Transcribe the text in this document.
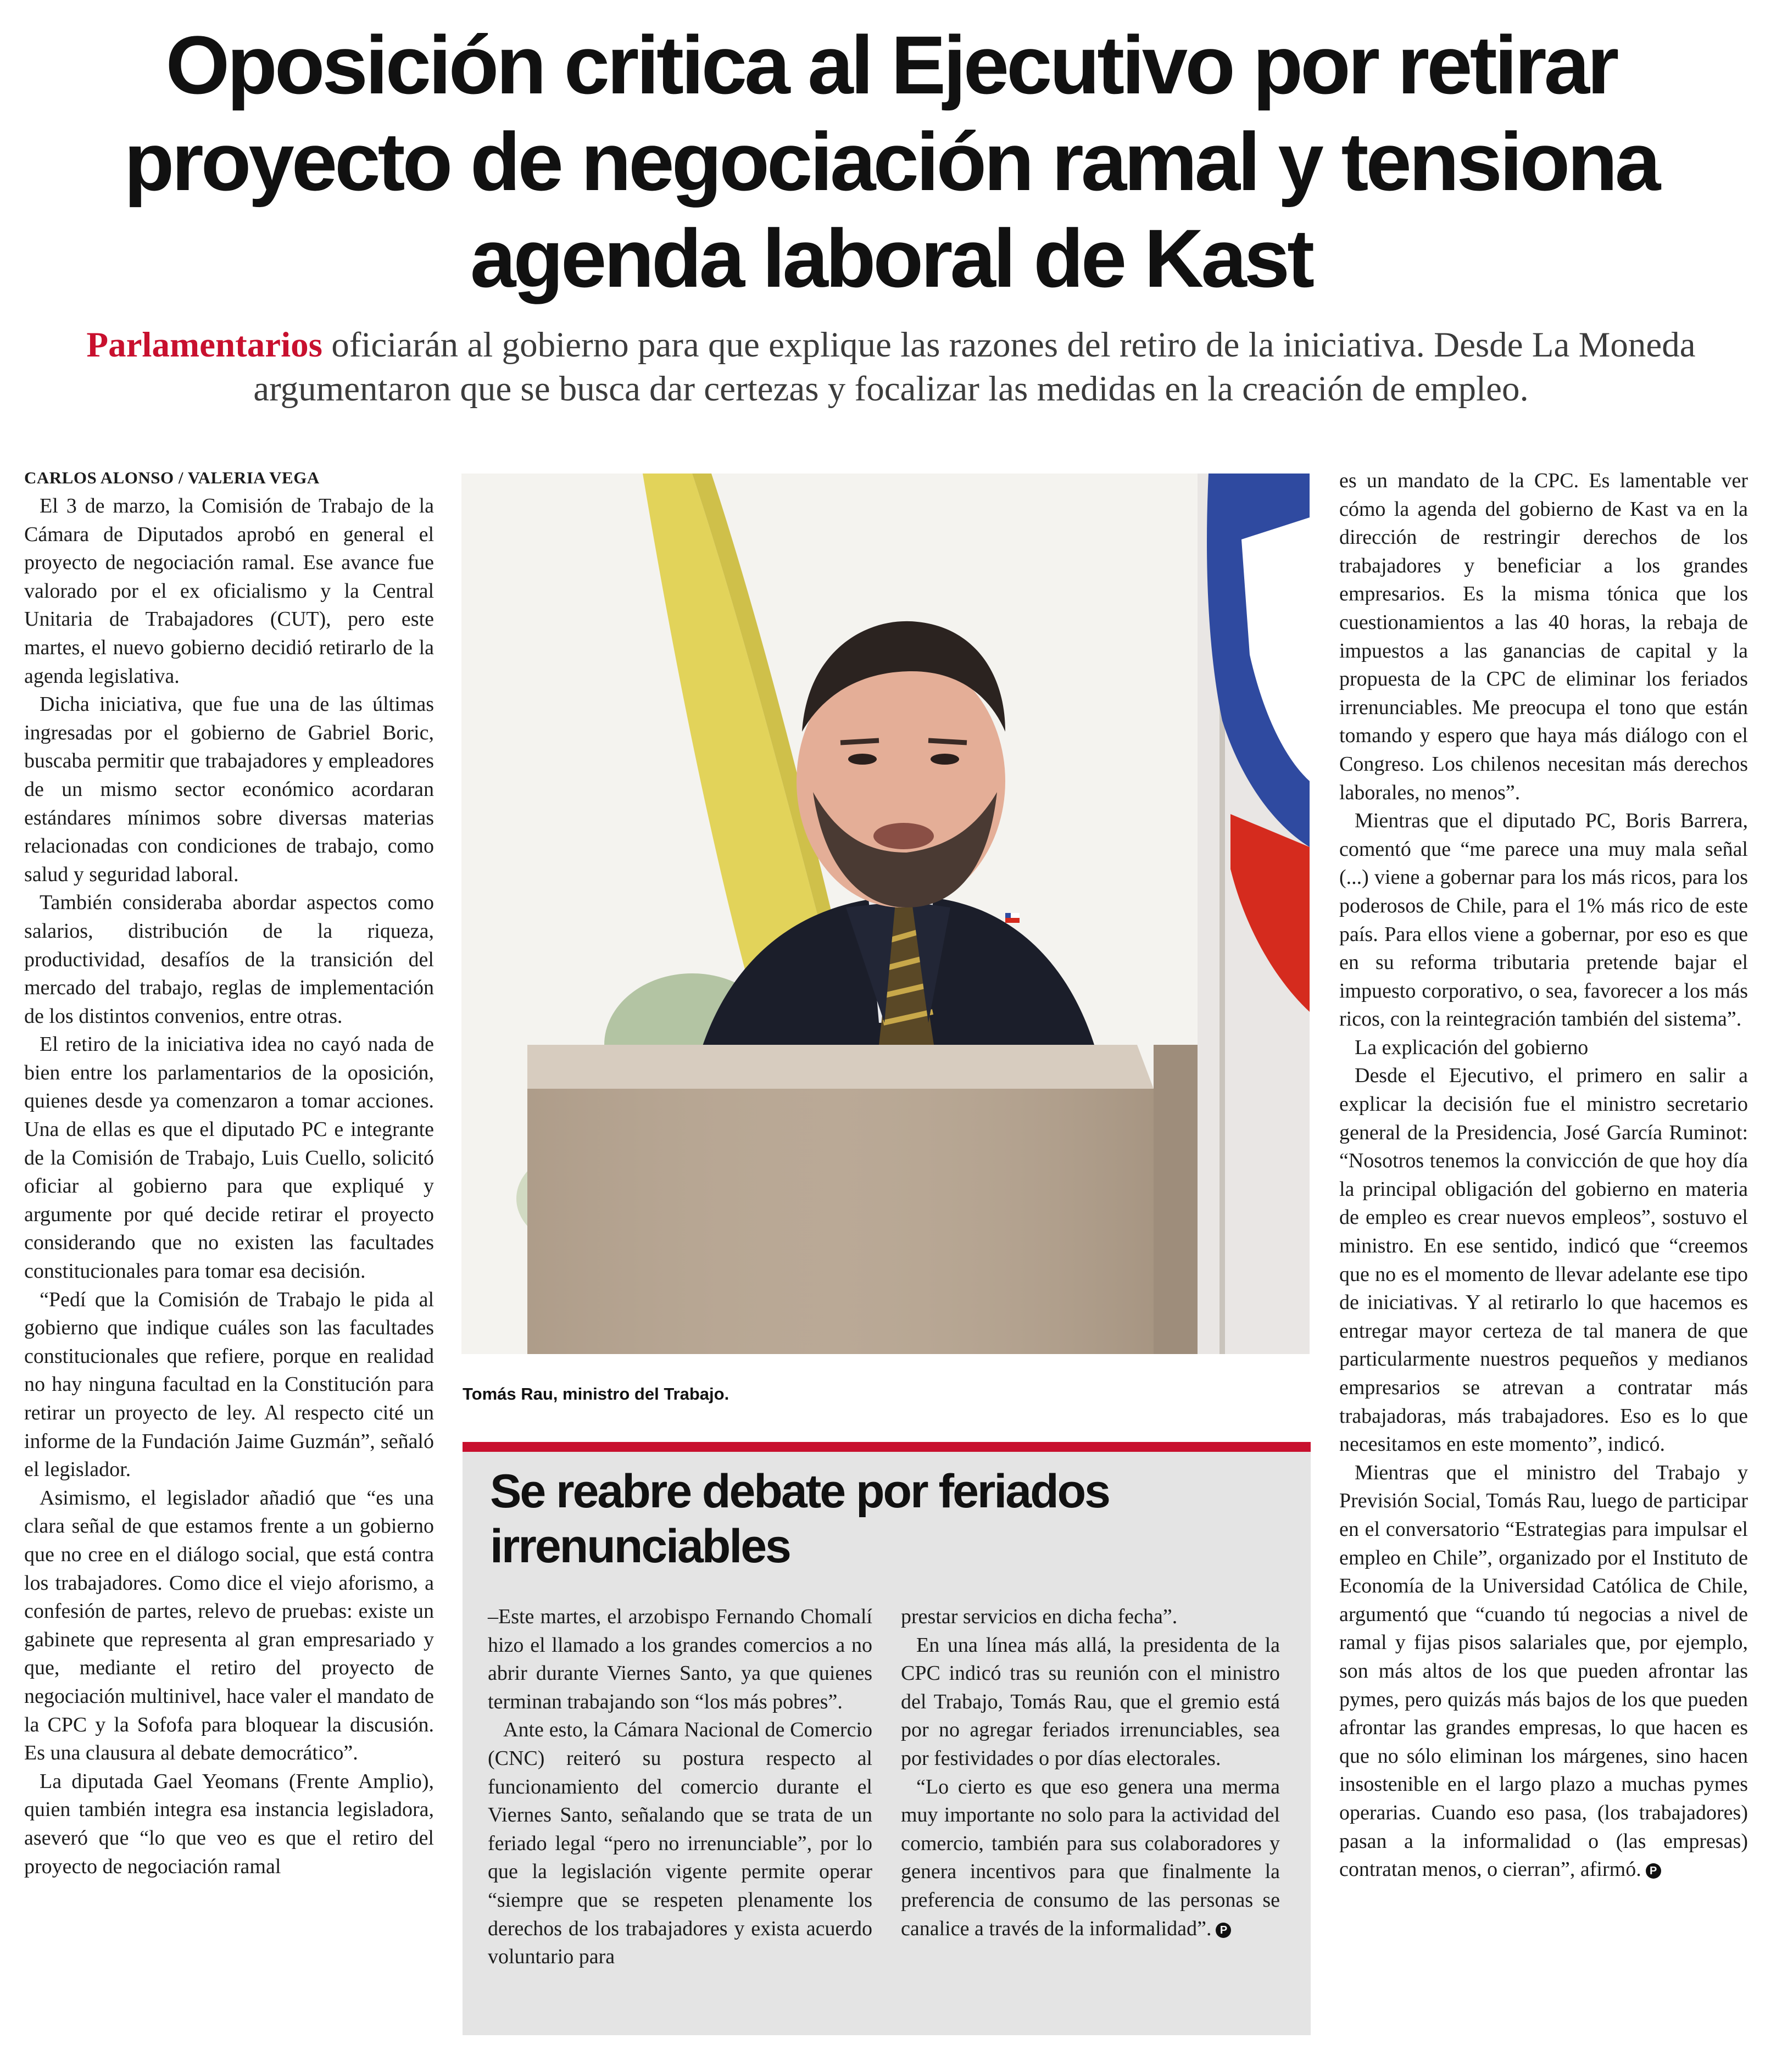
Oposición critica al Ejecutivo por retirar proyecto de negociación ramal y tensiona agenda laboral de Kast

Parlamentarios oficiarán al gobierno para que explique las razones del retiro de la iniciativa. Desde La Moneda argumentaron que se busca dar certezas y focalizar las medidas en la creación de empleo.

CARLOS ALONSO / VALERIA VEGA

El 3 de marzo, la Comisión de Trabajo de la Cámara de Diputados aprobó en general el proyecto de negociación ramal. Ese avance fue valorado por el ex oficialismo y la Central Unitaria de Trabajadores (CUT), pero este martes, el nuevo gobierno decidió retirarlo de la agenda legislativa.

Dicha iniciativa, que fue una de las últimas ingresadas por el gobierno de Gabriel Boric, buscaba permitir que trabajadores y empleadores de un mismo sector económico acordaran estándares mínimos sobre diversas materias relacionadas con condiciones de trabajo, como salud y seguridad laboral.

También consideraba abordar aspectos como salarios, distribución de la riqueza, productividad, desafíos de la transición del mercado del trabajo, reglas de implementación de los distintos convenios, entre otras.

El retiro de la iniciativa idea no cayó nada de bien entre los parlamentarios de la oposición, quienes desde ya comenzaron a tomar acciones. Una de ellas es que el diputado PC e integrante de la Comisión de Trabajo, Luis Cuello, solicitó oficiar al gobierno para que expliqué y argumente por qué decide retirar el proyecto considerando que no existen las facultades constitucionales para tomar esa decisión.

“Pedí que la Comisión de Trabajo le pida al gobierno que indique cuáles son las facultades constitucionales que refiere, porque en realidad no hay ninguna facultad en la Constitución para retirar un proyecto de ley. Al respecto cité un informe de la Fundación Jaime Guzmán”, señaló el legislador.

Asimismo, el legislador añadió que “es una clara señal de que estamos frente a un gobierno que no cree en el diálogo social, que está contra los trabajadores. Como dice el viejo aforismo, a confesión de partes, relevo de pruebas: existe un gabinete que representa al gran empresariado y que, mediante el retiro del proyecto de negociación multinivel, hace valer el mandato de la CPC y la Sofofa para bloquear la discusión. Es una clausura al debate democrático”.

La diputada Gael Yeomans (Frente Amplio), quien también integra esa instancia legisladora, aseveró que “lo que veo es que el retiro del proyecto de negociación ramal

Tomás Rau, ministro del Trabajo.

Se reabre debate por feriados irrenunciables

–Este martes, el arzobispo Fernando Chomalí hizo el llamado a los grandes comercios a no abrir durante Viernes Santo, ya que quienes terminan trabajando son “los más pobres”.

Ante esto, la Cámara Nacional de Comercio (CNC) reiteró su postura respecto al funcionamiento del comercio durante el Viernes Santo, señalando que se trata de un feriado legal “pero no irrenunciable”, por lo que la legislación vigente permite operar “siempre que se respeten plenamente los derechos de los trabajadores y exista acuerdo voluntario para

prestar servicios en dicha fecha”.

En una línea más allá, la presidenta de la CPC indicó tras su reunión con el ministro del Trabajo, Tomás Rau, que el gremio está por no agregar feriados irrenunciables, sea por festividades o por días electorales.

“Lo cierto es que eso genera una merma muy importante no solo para la actividad del comercio, también para sus colaboradores y genera incentivos para que finalmente la preferencia de consumo de las personas se canalice a través de la informalidad”. P

es un mandato de la CPC. Es lamentable ver cómo la agenda del gobierno de Kast va en la dirección de restringir derechos de los trabajadores y beneficiar a los grandes empresarios. Es la misma tónica que los cuestionamientos a las 40 horas, la rebaja de impuestos a las ganancias de capital y la propuesta de la CPC de eliminar los feriados irrenunciables. Me preocupa el tono que están tomando y espero que haya más diálogo con el Congreso. Los chilenos necesitan más derechos laborales, no menos”.

Mientras que el diputado PC, Boris Barrera, comentó que “me parece una muy mala señal (...) viene a gobernar para los más ricos, para los poderosos de Chile, para el 1% más rico de este país. Para ellos viene a gobernar, por eso es que en su reforma tributaria pretende bajar el impuesto corporativo, o sea, favorecer a los más ricos, con la reintegración también del sistema”.

La explicación del gobierno

Desde el Ejecutivo, el primero en salir a explicar la decisión fue el ministro secretario general de la Presidencia, José García Ruminot: “Nosotros tenemos la convicción de que hoy día la principal obligación del gobierno en materia de empleo es crear nuevos empleos”, sostuvo el ministro. En ese sentido, indicó que “creemos que no es el momento de llevar adelante ese tipo de iniciativas. Y al retirarlo lo que hacemos es entregar mayor certeza de tal manera de que particularmente nuestros pequeños y medianos empresarios se atrevan a contratar más trabajadoras, más trabajadores. Eso es lo que necesitamos en este momento”, indicó.

Mientras que el ministro del Trabajo y Previsión Social, Tomás Rau, luego de participar en el conversatorio “Estrategias para impulsar el empleo en Chile”, organizado por el Instituto de Economía de la Universidad Católica de Chile, argumentó que “cuando tú negocias a nivel de ramal y fijas pisos salariales que, por ejemplo, son más altos de los que pueden afrontar las pymes, pero quizás más bajos de los que pueden afrontar las grandes empresas, lo que hacen es que no sólo eliminan los márgenes, sino hacen insostenible en el largo plazo a muchas pymes operarias. Cuando eso pasa, (los trabajadores) pasan a la informalidad o (las empresas) contratan menos, o cierran”, afirmó. P
